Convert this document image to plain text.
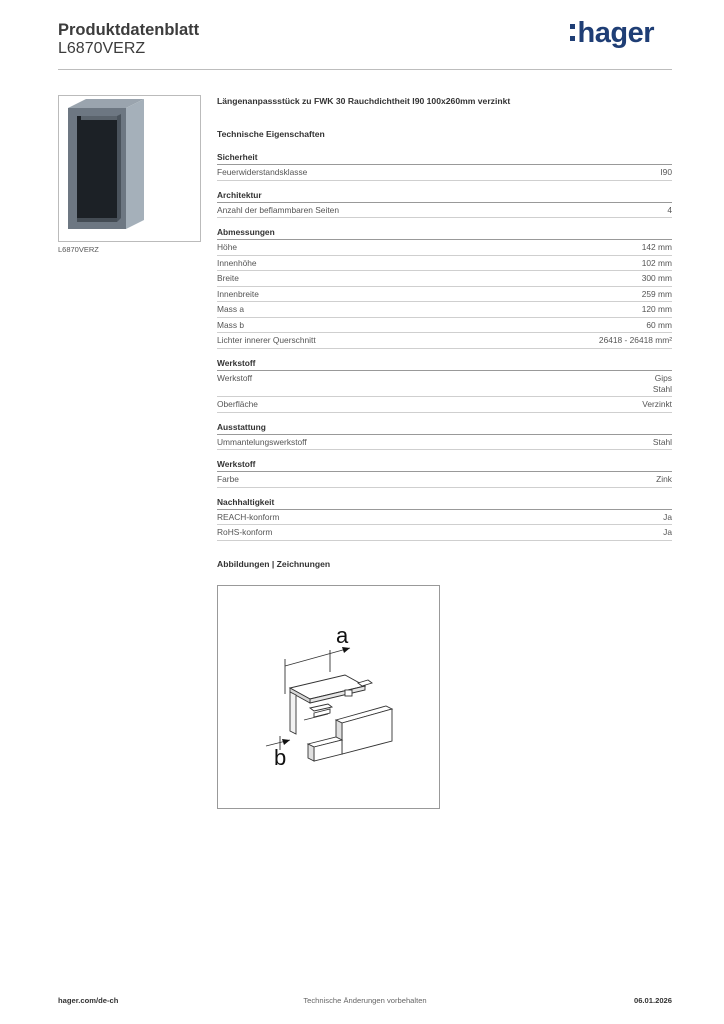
Produktdatenblatt
L6870VERZ	hager
L6870VERZ
Längenanpassstück zu FWK 30 Rauchdichtheit I90 100x260mm verzinkt
Technische Eigenschaften
Sicherheit
Feuerwiderstandsklasse	I90
Architektur
Anzahl der beflammbaren Seiten	4
Abmessungen
Höhe	142 mm
Innenhöhe	102 mm
Breite	300 mm
Innenbreite	259 mm
Mass a	120 mm
Mass b	60 mm
Lichter innerer Querschnitt	26418 - 26418 mm²
Werkstoff
Werkstoff	Gips
Stahl
Oberfläche	Verzinkt
Ausstattung
Ummantelungswerkstoff	Stahl
Werkstoff
Farbe	Zink
Nachhaltigkeit
REACH-konform	Ja
RoHS-konform	Ja
Abbildungen | Zeichnungen
a
b
hager.com/de-ch	Technische Änderungen vorbehalten	06.01.2026
